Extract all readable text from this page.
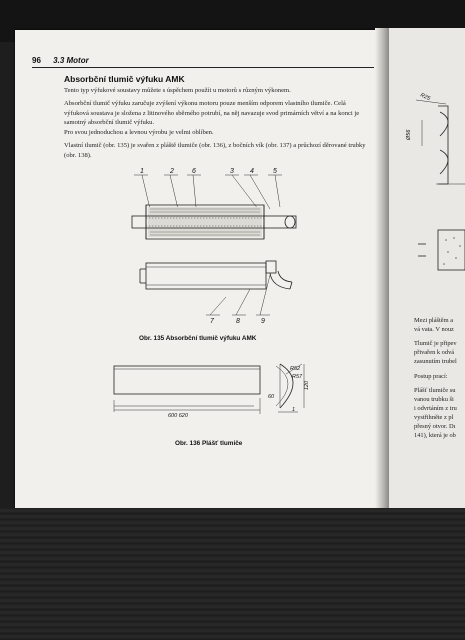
96 3.3 Motor
Absorbční tlumič výfuku AMK
Tento typ výfukové soustavy můžete s úspěchem použít u motorů s různým výkonem.
Absorbční tlumič výfuku zaručuje zvýšení výkonu motoru pouze menším odporem vlastního tlumiče. Celá výfuková soustava je složena z litinového sběrného potrubí, na něj navazuje svod primárních větví a na konci je samotný absorbční tlumič výfuku.
Pro svou jednoduchou a levnou výrobu je velmi oblíben.
Vlastní tlumič (obr. 135) je svařen z pláště tlumiče (obr. 136), z bočních vík (obr. 137) a průchozí děrované trubky (obr. 138).
1	2	6	3 4	5
7	8	9
Obr. 135 Absorbční tlumič výfuku AMK
600 620
R52
R57
120
60
1
Obr. 136 Plášť tlumiče
R25
Ø56
Mezi pláštěm a
vá vata. V nouz
Tlumič je připev
přivařen k odvá
zasunutím trubel
Postup prací:
Plášť tlumiče su
vanou trubku ši
i odvrtáním z tru
vystřihněte z pl
přesný otvor. Dı
141), která je ob
